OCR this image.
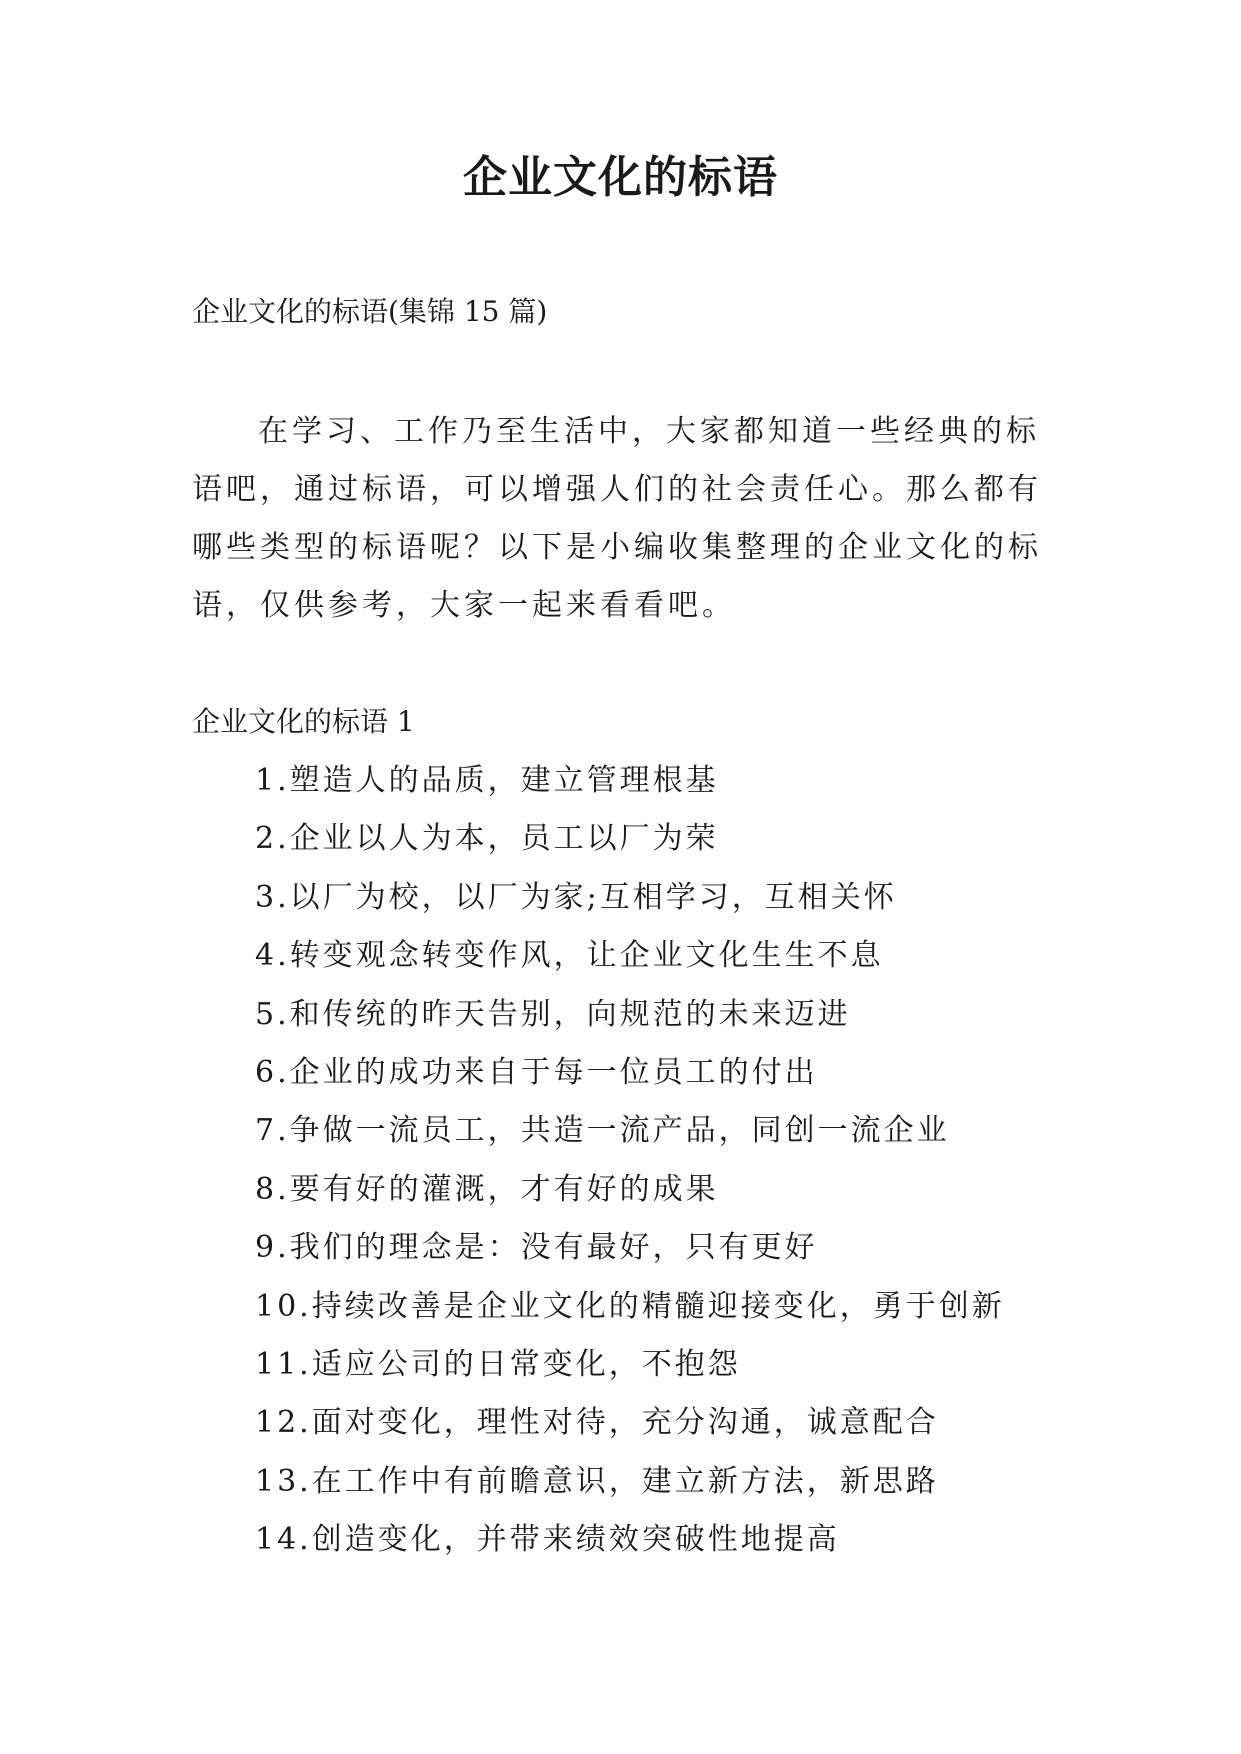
企业文化的标语
企业文化的标语(集锦 15 篇)

在学习、工作乃至生活中，大家都知道一些经典的标语吧，通过标语，可以增强人们的社会责任心。那么都有哪些类型的标语呢？以下是小编收集整理的企业文化的标语，仅供参考，大家一起来看看吧。

企业文化的标语 1
1.塑造人的品质，建立管理根基
2.企业以人为本，员工以厂为荣
3.以厂为校，以厂为家;互相学习，互相关怀
4.转变观念转变作风，让企业文化生生不息
5.和传统的昨天告别，向规范的未来迈进
6.企业的成功来自于每一位员工的付出
7.争做一流员工，共造一流产品，同创一流企业
8.要有好的灌溉，才有好的成果
9.我们的理念是：没有最好，只有更好
10.持续改善是企业文化的精髓迎接变化，勇于创新
11.适应公司的日常变化，不抱怨
12.面对变化，理性对待，充分沟通，诚意配合
13.在工作中有前瞻意识，建立新方法，新思路
14.创造变化，并带来绩效突破性地提高
